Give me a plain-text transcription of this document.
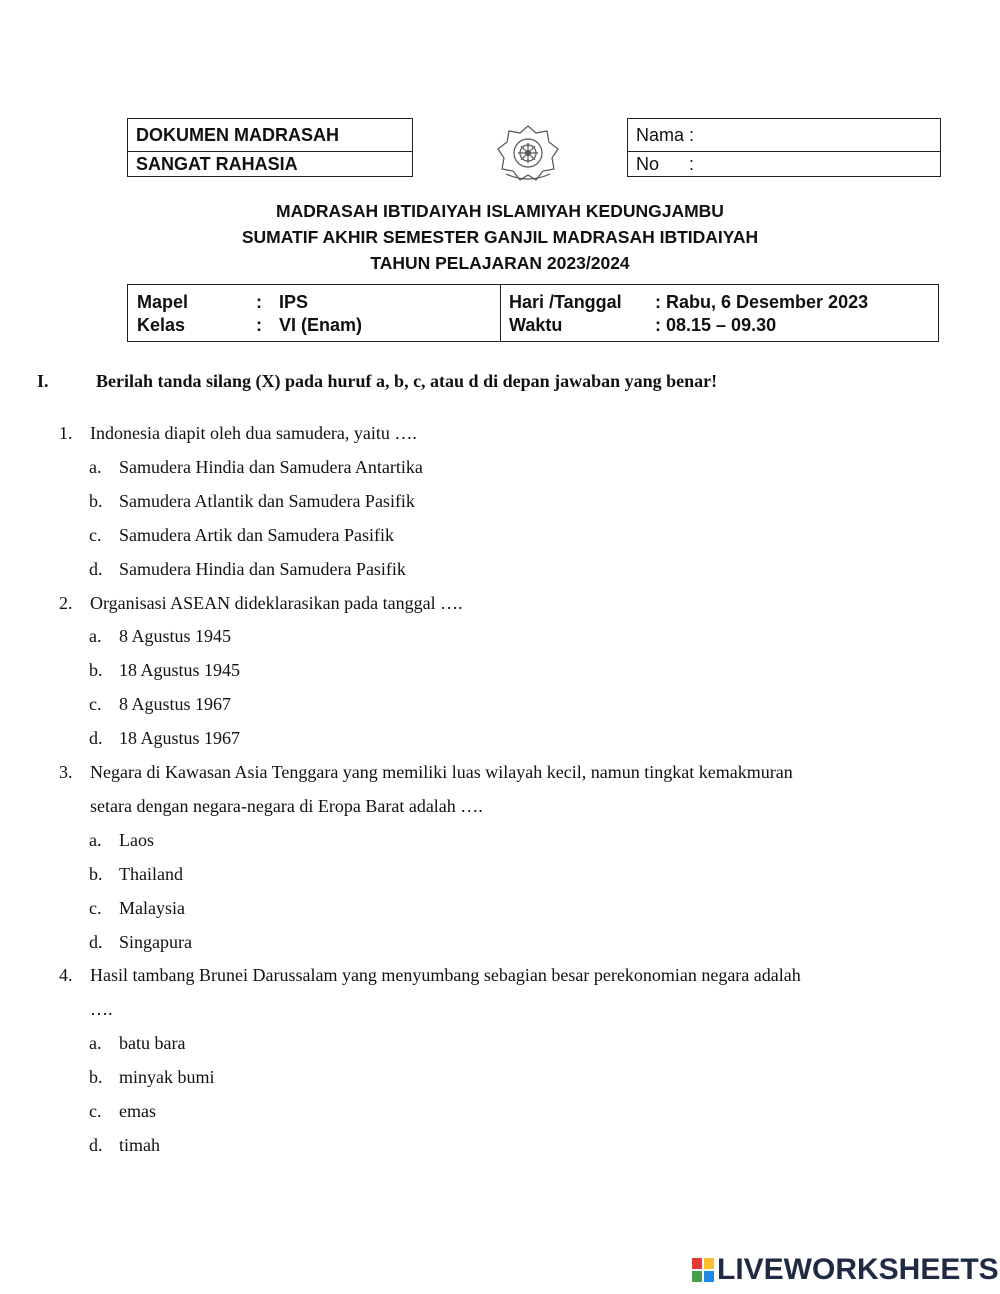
DOKUMEN MADRASAH
SANGAT RAHASIA
Nama :
No      :
MADRASAH IBTIDAIYAH ISLAMIYAH KEDUNGJAMBU
SUMATIF AKHIR SEMESTER GANJIL MADRASAH IBTIDAIYAH
TAHUN PELAJARAN 2023/2024
Mapel	: IPS
Kelas	: VI (Enam)
Hari /Tanggal : Rabu, 6 Desember 2023
Waktu	: 08.15 – 09.30
I.	Berilah tanda silang (X) pada huruf a, b, c, atau d di depan jawaban yang benar!
1. Indonesia diapit oleh dua samudera, yaitu ….
a. Samudera Hindia dan Samudera Antartika
b. Samudera Atlantik dan Samudera Pasifik
c. Samudera Artik dan Samudera Pasifik
d. Samudera Hindia dan Samudera Pasifik
2. Organisasi ASEAN dideklarasikan pada tanggal ….
a. 8 Agustus 1945
b. 18 Agustus 1945
c. 8 Agustus 1967
d. 18 Agustus 1967
3. Negara di Kawasan Asia Tenggara yang memiliki luas wilayah kecil, namun tingkat kemakmuran
setara dengan negara-negara di Eropa Barat adalah ….
a. Laos
b. Thailand
c. Malaysia
d. Singapura
4. Hasil tambang Brunei Darussalam yang menyumbang sebagian besar perekonomian negara adalah
….
a. batu bara
b. minyak bumi
c. emas
d. timah
LIVEWORKSHEETS
